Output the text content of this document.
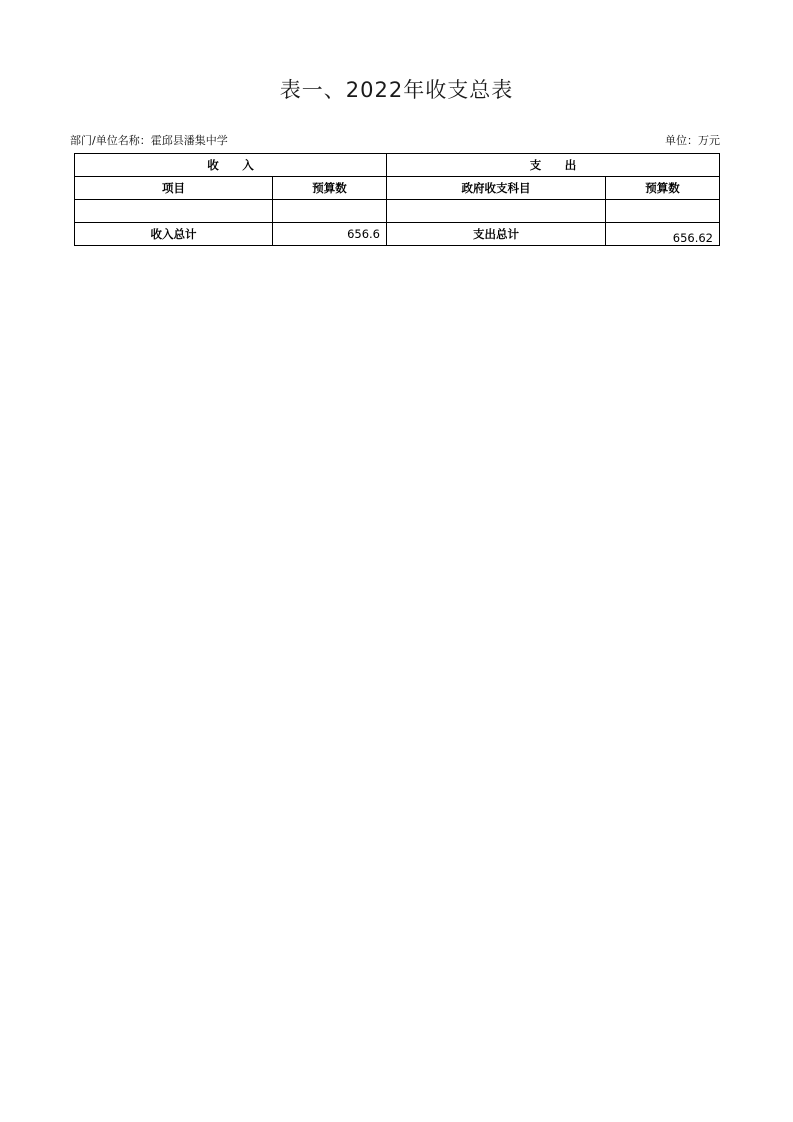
表一、2022年收支总表
部门/单位名称：霍邱县潘集中学	单位：万元
收　入		支　出	
项目	预算数	政府收支科目	预算数

收入总计	656.6	支出总计	656.62
